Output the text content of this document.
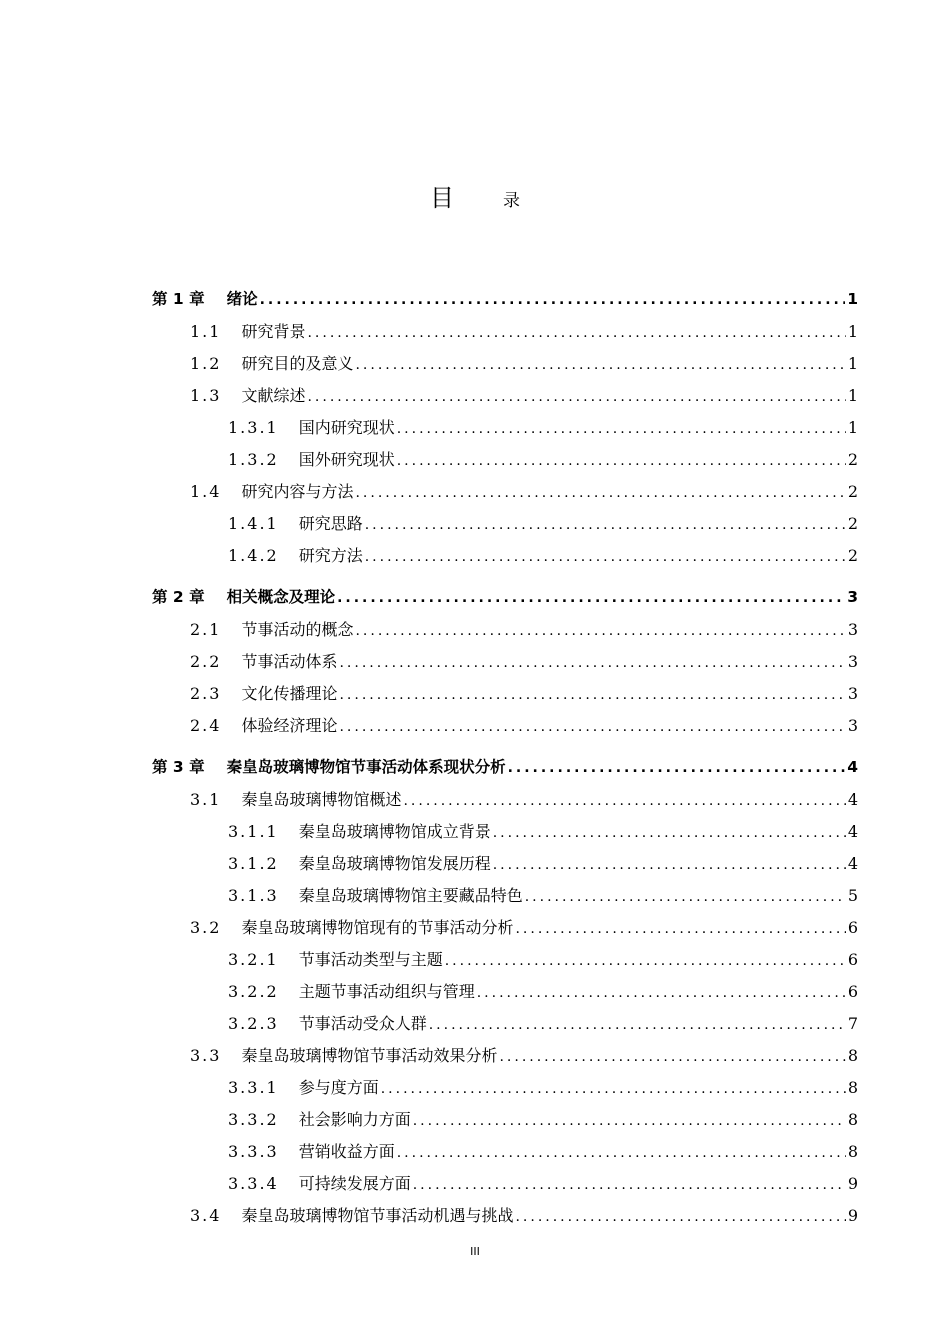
目	录
第 1 章 绪论 .....	1
1.1 研究背景 .....	1
1.2 研究目的及意义 .....	1
1.3 文献综述 .....	1
1.3.1 国内研究现状 .....	1
1.3.2 国外研究现状 .....	2
1.4 研究内容与方法 .....	2
1.4.1 研究思路 .....	2
1.4.2 研究方法 .....	2
第 2 章 相关概念及理论 .....	3
2.1 节事活动的概念 .....	3
2.2 节事活动体系 .....	3
2.3 文化传播理论 .....	3
2.4 体验经济理论 .....	3
第 3 章 秦皇岛玻璃博物馆节事活动体系现状分析 .....	4
3.1 秦皇岛玻璃博物馆概述 .....	4
3.1.1 秦皇岛玻璃博物馆成立背景 .....	4
3.1.2 秦皇岛玻璃博物馆发展历程 .....	4
3.1.3 秦皇岛玻璃博物馆主要藏品特色 .....	5
3.2 秦皇岛玻璃博物馆现有的节事活动分析 .....	6
3.2.1 节事活动类型与主题 .....	6
3.2.2 主题节事活动组织与管理 .....	6
3.2.3 节事活动受众人群 .....	7
3.3 秦皇岛玻璃博物馆节事活动效果分析 .....	8
3.3.1 参与度方面 .....	8
3.3.2 社会影响力方面 .....	8
3.3.3 营销收益方面 .....	8
3.3.4 可持续发展方面 .....	9
3.4 秦皇岛玻璃博物馆节事活动机遇与挑战 .....	9
III
